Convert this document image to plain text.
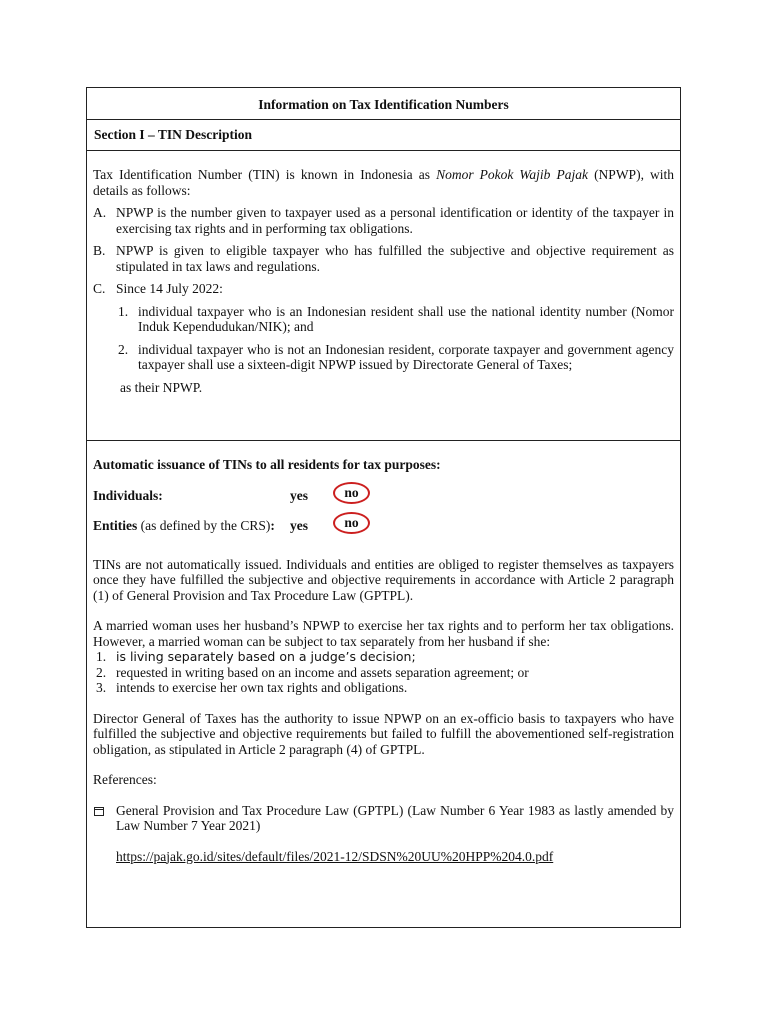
Information on Tax Identification Numbers
Section I – TIN Description

Tax Identification Number (TIN) is known in Indonesia as Nomor Pokok Wajib Pajak (NPWP), with details as follows:

A. NPWP is the number given to taxpayer used as a personal identification or identity of the taxpayer in exercising tax rights and in performing tax obligations.
B. NPWP is given to eligible taxpayer who has fulfilled the subjective and objective requirement as stipulated in tax laws and regulations.
C. Since 14 July 2022:
1. individual taxpayer who is an Indonesian resident shall use the national identity number (Nomor Induk Kependudukan/NIK); and
2. individual taxpayer who is not an Indonesian resident, corporate taxpayer and government agency taxpayer shall use a sixteen-digit NPWP issued by Directorate General of Taxes;

as their NPWP.

Automatic issuance of TINs to all residents for tax purposes:

Individuals:	yes	no
Entities (as defined by the CRS): yes	no

TINs are not automatically issued. Individuals and entities are obliged to register themselves as taxpayers once they have fulfilled the subjective and objective requirements in accordance with Article 2 paragraph (1) of General Provision and Tax Procedure Law (GPTPL).

A married woman uses her husband’s NPWP to exercise her tax rights and to perform her tax obligations. However, a married woman can be subject to tax separately from her husband if she:

1. is living separately based on a judge’s decision;
2. requested in writing based on an income and assets separation agreement; or
3. intends to exercise her own tax rights and obligations.

Director General of Taxes has the authority to issue NPWP on an ex-officio basis to taxpayers who have fulfilled the subjective and objective requirements but failed to fulfill the abovementioned self-registration obligation, as stipulated in Article 2 paragraph (4) of GPTPL.

References:

General Provision and Tax Procedure Law (GPTPL) (Law Number 6 Year 1983 as lastly amended by Law Number 7 Year 2021)

https://pajak.go.id/sites/default/files/2021-12/SDSN%20UU%20HPP%204.0.pdf
